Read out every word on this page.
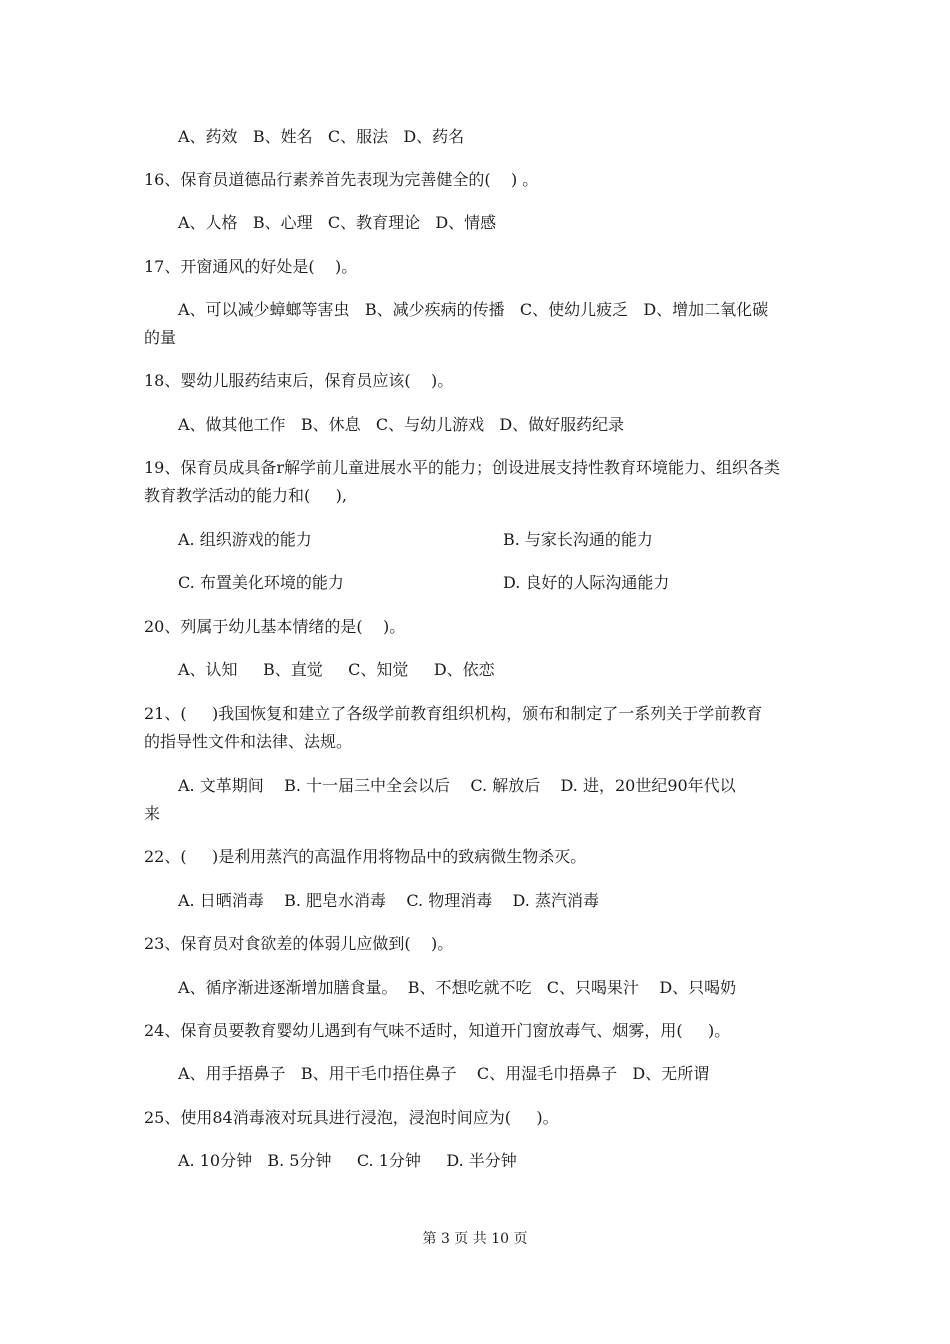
A、药效   B、姓名   C、服法   D、药名
16、保育员道德品行素养首先表现为完善健全的(    ) 。
A、人格   B、心理   C、教育理论   D、情感
17、开窗通风的好处是(    )。
A、可以减少蟑螂等害虫   B、减少疾病的传播   C、使幼儿疲乏   D、增加二氧化碳
的量
18、婴幼儿服药结束后，保育员应该(    )。
A、做其他工作   B、休息   C、与幼儿游戏   D、做好服药纪录
19、保育员成具备r解学前儿童进展水平的能力；创设进展支持性教育环境能力、组织各类
教育教学活动的能力和(     ),
A. 组织游戏的能力	B. 与家长沟通的能力
C. 布置美化环境的能力	D. 良好的人际沟通能力
20、列属于幼儿基本情绪的是(    )。
A、认知     B、直觉     C、知觉     D、依恋
21、(     )我国恢复和建立了各级学前教育组织机构，颁布和制定了一系列关于学前教育
的指导性文件和法律、法规。
A. 文革期间    B. 十一届三中全会以后    C. 解放后    D. 进，20世纪90年代以
来
22、(     )是利用蒸汽的高温作用将物品中的致病微生物杀灭。
A. 日晒消毒    B. 肥皂水消毒    C. 物理消毒    D. 蒸汽消毒
23、保育员对食欲差的体弱儿应做到(    )。
A、循序渐进逐渐增加膳食量。  B、不想吃就不吃   C、只喝果汁    D、只喝奶
24、保育员要教育婴幼儿遇到有气味不适时，知道开门窗放毒气、烟雾，用(     )。
A、用手捂鼻子   B、用干毛巾捂住鼻子    C、用湿毛巾捂鼻子   D、无所谓
25、使用84消毒液对玩具进行浸泡，浸泡时间应为(     )。
A. 10分钟   B. 5分钟     C. 1分钟     D. 半分钟
第 3 页 共 10 页
